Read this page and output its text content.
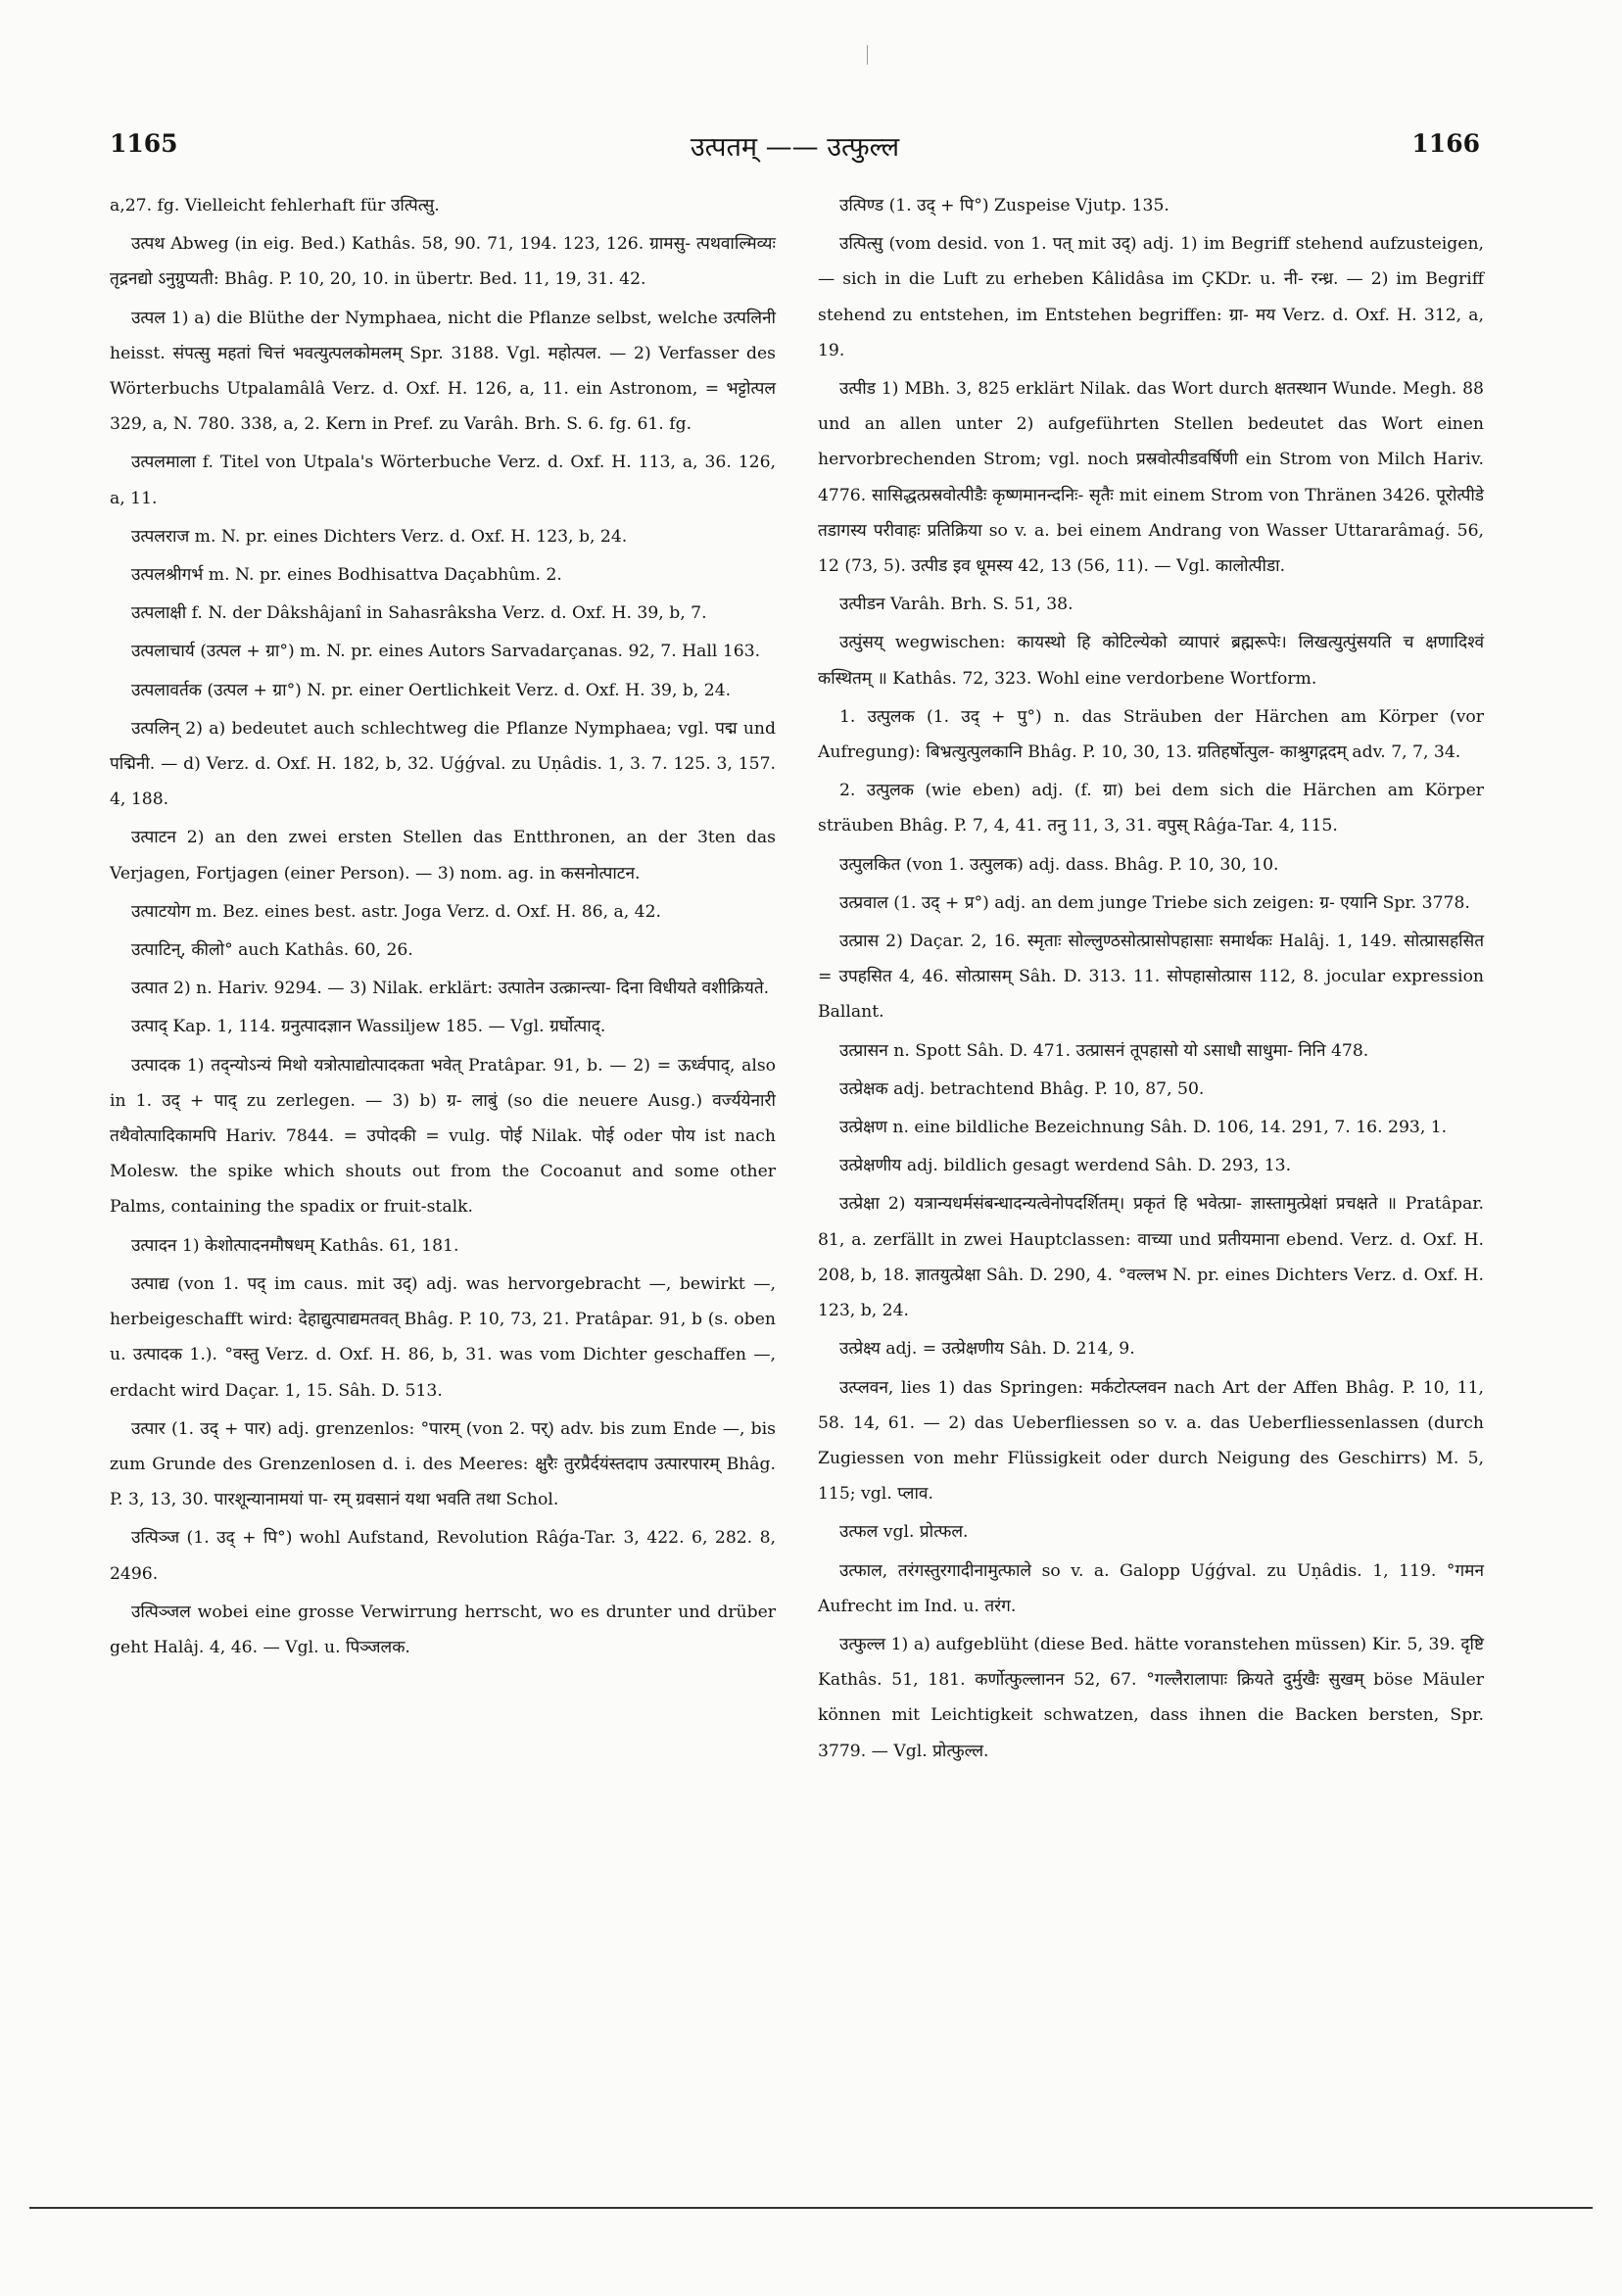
1165	उत्पतम् —— उत्फुल्ल	1166

a,27. fg. Vielleicht fehlerhaft für उत्पित्सु.

उत्पथ Abweg (in eig. Bed.) Kathâs. 58, 90. 71, 194. 123, 126. ग्रामसु- त्पथवाल्मिव्यः तृद्रनद्यो ऽनुग्रुप्यती: Bhâg. P. 10, 20, 10. in übertr. Bed. 11, 19, 31. 42.

उत्पल 1) a) die Blüthe der Nymphaea, nicht die Pflanze selbst, welche उत्पलिनी heisst. संपत्सु महतां चित्तं भवत्युत्पलकोमलम् Spr. 3188. Vgl. महोत्पल. — 2) Verfasser des Wörterbuchs Utpalamâlâ Verz. d. Oxf. H. 126, a, 11. ein Astronom, = भट्टोत्पल 329, a, N. 780. 338, a, 2. Kern in Pref. zu Varâh. Brh. S. 6. fg. 61. fg.

उत्पलमाला f. Titel von Utpala's Wörterbuche Verz. d. Oxf. H. 113, a, 36. 126, a, 11.

उत्पलराज m. N. pr. eines Dichters Verz. d. Oxf. H. 123, b, 24.

उत्पलश्रीगर्भ m. N. pr. eines Bodhisattva Daçabhûm. 2.

उत्पलाक्षी f. N. der Dâkshâjanî in Sahasrâksha Verz. d. Oxf. H. 39, b, 7.

उत्पलाचार्य (उत्पल + ग्रा°) m. N. pr. eines Autors Sarvadarçanas. 92, 7. Hall 163.

उत्पलावर्तक (उत्पल + ग्रा°) N. pr. einer Oertlichkeit Verz. d. Oxf. H. 39, b, 24.

उत्पलिन् 2) a) bedeutet auch schlechtweg die Pflanze Nymphaea; vgl. पद्म und पद्मिनी. — d) Verz. d. Oxf. H. 182, b, 32. Uǵǵval. zu Uṇâdis. 1, 3. 7. 125. 3, 157. 4, 188.

उत्पाटन 2) an den zwei ersten Stellen das Entthronen, an der 3ten das Verjagen, Fortjagen (einer Person). — 3) nom. ag. in कसनोत्पाटन.

उत्पाटयोग m. Bez. eines best. astr. Joga Verz. d. Oxf. H. 86, a, 42.

उत्पाटिन्, कीलो° auch Kathâs. 60, 26.

उत्पात 2) n. Hariv. 9294. — 3) Nilak. erklärt: उत्पातेन उत्क्रान्त्या- दिना विधीयते वशीक्रियते.

उत्पाद् Kap. 1, 114. ग्रनुत्पादज्ञान Wassiljew 185. — Vgl. ग्रर्घोत्पाद्.

उत्पादक 1) तद्न्योऽन्यं मिथो यत्रोत्पाद्योत्पादकता भवेत् Pratâpar. 91, b. — 2) = ऊर्ध्वपाद्, also in 1. उद् + पाद् zu zerlegen. — 3) b) ग्र- लाबुं (so die neuere Ausg.) वर्ज्ययेनारी तथैवोत्पादिकामपि Hariv. 7844. = उपोदकी = vulg. पोई Nilak. पोई oder पोय ist nach Molesw. the spike which shouts out from the Cocoanut and some other Palms, containing the spadix or fruit-stalk.

उत्पादन 1) केशोत्पादनमौषधम् Kathâs. 61, 181.

उत्पाद्य (von 1. पद् im caus. mit उद्) adj. was hervorgebracht —, bewirkt —, herbeigeschafft wird: देहाद्युत्पाद्यमतवत् Bhâg. P. 10, 73, 21. Pratâpar. 91, b (s. oben u. उत्पादक 1.). °वस्तु Verz. d. Oxf. H. 86, b, 31. was vom Dichter geschaffen —, erdacht wird Daçar. 1, 15. Sâh. D. 513.

उत्पार (1. उद् + पार) adj. grenzenlos: °पारम् (von 2. पर्) adv. bis zum Ende —, bis zum Grunde des Grenzenlosen d. i. des Meeres: क्षुरैः तुरप्रैर्दयंस्तदाप उत्पारपारम् Bhâg. P. 3, 13, 30. पारशून्यानामयां पा- रम् ग्रवसानं यथा भवति तथा Schol.

उत्पिञ्ज (1. उद् + पि°) wohl Aufstand, Revolution Râǵa-Tar. 3, 422. 6, 282. 8, 2496.

उत्पिञ्जल wobei eine grosse Verwirrung herrscht, wo es drunter und drüber geht Halâj. 4, 46. — Vgl. u. पिञ्जलक.

उत्पिण्ड (1. उद् + पि°) Zuspeise Vjutp. 135.

उत्पित्सु (vom desid. von 1. पत् mit उद्) adj. 1) im Begriff stehend aufzusteigen, — sich in die Luft zu erheben Kâlidâsa im ÇKDr. u. नी- रन्ध्र. — 2) im Begriff stehend zu entstehen, im Entstehen begriffen: ग्रा- मय Verz. d. Oxf. H. 312, a, 19.

उत्पीड 1) MBh. 3, 825 erklärt Nilak. das Wort durch क्षतस्थान Wunde. Megh. 88 und an allen unter 2) aufgeführten Stellen bedeutet das Wort einen hervorbrechenden Strom; vgl. noch प्रस्रवोत्पीडवर्षिणी ein Strom von Milch Hariv. 4776. सासिद्धत्प्रस्रवोत्पीडैः कृष्णमानन्दनिः- सृतैः mit einem Strom von Thränen 3426. पूरोत्पीडे तडागस्य परीवाहः प्रतिक्रिया so v. a. bei einem Andrang von Wasser Uttararâmaǵ. 56, 12 (73, 5). उत्पीड इव धूमस्य 42, 13 (56, 11). — Vgl. कालोत्पीडा.

उत्पीडन Varâh. Brh. S. 51, 38.

उत्पुंसय् wegwischen: कायस्थो हि कोटिल्येको व्यापारं ब्रह्मरूपेः। लिखत्युत्पुंसयति च क्षणादिश्वं कस्थितम् ॥ Kathâs. 72, 323. Wohl eine verdorbene Wortform.

1. उत्पुलक (1. उद् + पु°) n. das Sträuben der Härchen am Körper (vor Aufregung): बिभ्रत्युत्पुलकानि Bhâg. P. 10, 30, 13. ग्रतिहर्षोत्पुल- काश्रुगद्गदम् adv. 7, 7, 34.

2. उत्पुलक (wie eben) adj. (f. ग्रा) bei dem sich die Härchen am Körper sträuben Bhâg. P. 7, 4, 41. तनु 11, 3, 31. वपुस् Râǵa-Tar. 4, 115.

उत्पुलकित (von 1. उत्पुलक) adj. dass. Bhâg. P. 10, 30, 10.

उत्प्रवाल (1. उद् + प्र°) adj. an dem junge Triebe sich zeigen: ग्र- एयानि Spr. 3778.

उत्प्रास 2) Daçar. 2, 16. स्मृताः सोल्लुण्ठसोत्प्रासोपहासाः समार्थकः Halâj. 1, 149. सोत्प्रासहसित = उपहसित 4, 46. सोत्प्रासम् Sâh. D. 313. 11. सोपहासोत्प्रास 112, 8. jocular expression Ballant.

उत्प्रासन n. Spott Sâh. D. 471. उत्प्रासनं तूपहासो यो ऽसाधौ साधुमा- निनि 478.

उत्प्रेक्षक adj. betrachtend Bhâg. P. 10, 87, 50.

उत्प्रेक्षण n. eine bildliche Bezeichnung Sâh. D. 106, 14. 291, 7. 16. 293, 1.

उत्प्रेक्षणीय adj. bildlich gesagt werdend Sâh. D. 293, 13.

उत्प्रेक्षा 2) यत्रान्यधर्मसंबन्धादन्यत्वेनोपदर्शितम्। प्रकृतं हि भवेत्प्रा- ज्ञास्तामुत्प्रेक्षां प्रचक्षते ॥ Pratâpar. 81, a. zerfällt in zwei Hauptclassen: वाच्या und प्रतीयमाना ebend. Verz. d. Oxf. H. 208, b, 18. ज्ञातयुत्प्रेक्षा Sâh. D. 290, 4. °वल्लभ N. pr. eines Dichters Verz. d. Oxf. H. 123, b, 24.

उत्प्रेक्ष्य adj. = उत्प्रेक्षणीय Sâh. D. 214, 9.

उत्प्लवन, lies 1) das Springen: मर्कटोत्प्लवन nach Art der Affen Bhâg. P. 10, 11, 58. 14, 61. — 2) das Ueberfliessen so v. a. das Ueberfliessenlassen (durch Zugiessen von mehr Flüssigkeit oder durch Neigung des Geschirrs) M. 5, 115; vgl. प्लाव.

उत्फल vgl. प्रोत्फल.

उत्फाल, तरंगस्तुरगादीनामुत्फाले so v. a. Galopp Uǵǵval. zu Uṇâdis. 1, 119. °गमन Aufrecht im Ind. u. तरंग.

उत्फुल्ल 1) a) aufgeblüht (diese Bed. hätte voranstehen müssen) Kir. 5, 39. दृष्टि Kathâs. 51, 181. कर्णोत्फुल्लानन 52, 67. °गल्लैरालापाः क्रियते दुर्मुखैः सुखम् böse Mäuler können mit Leichtigkeit schwatzen, dass ihnen die Backen bersten, Spr. 3779. — Vgl. प्रोत्फुल्ल.
